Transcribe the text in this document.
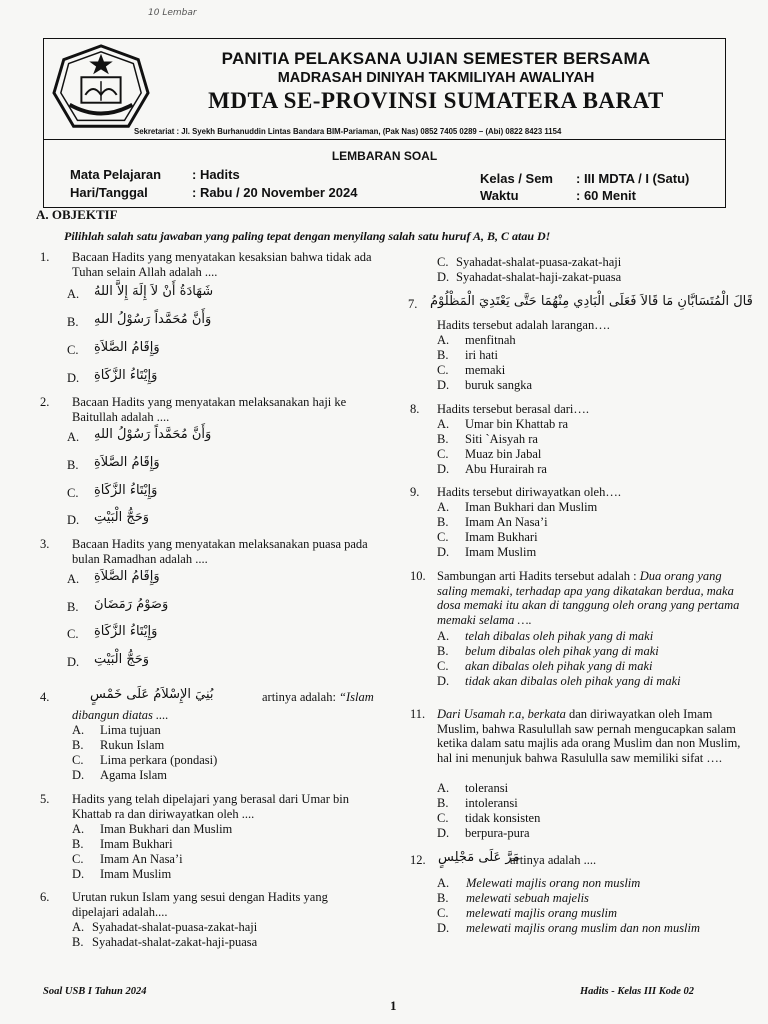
10 Lembar
PANITIA PELAKSANA UJIAN SEMESTER BERSAMA
MADRASAH DINIYAH TAKMILIYAH AWALIYAH
MDTA SE-PROVINSI SUMATERA BARAT
Sekretariat : Jl. Syekh Burhanuddin Lintas Bandara BIM-Pariaman, (Pak Nas) 0852 7405 0289 – (Abi) 0822 8423 1154
LEMBARAN SOAL
Mata Pelajaran : Hadits
Hari/Tanggal	: Rabu / 20 November 2024
Kelas / Sem : III MDTA / I (Satu)
Waktu	: 60 Menit
A. OBJEKTIF
Pilihlah salah satu jawaban yang paling tepat dengan menyilang salah satu huruf A, B, C atau D!
1. Bacaan Hadits yang menyatakan kesaksian bahwa tidak ada Tuhan selain Allah adalah ....
A. شَهَادَةُ أَنْ لاَ إِلَهَ إِلاَّ اللهُ
B. وَأَنَّ مُحَمَّداً رَسُوْلُ اللهِ
C. وَإِقَامُ الصَّلاَةِ
D. وَإِيْتَاءُ الزَّكَاةِ
2. Bacaan Hadits yang menyatakan melaksanakan haji ke Baitullah adalah ....
A. وَأَنَّ مُحَمَّداً رَسُوْلُ اللهِ
B. وَإِقَامُ الصَّلاَةِ
C. وَإِيْتَاءُ الزَّكَاةِ
D. وَحَجُّ الْبَيْتِ
3. Bacaan Hadits yang menyatakan melaksanakan puasa pada bulan Ramadhan adalah ....
A. وَإِقَامُ الصَّلاَةِ
B. وَصَوْمُ رَمَضَانَ
C. وَإِيْتَاءُ الزَّكَاةِ
D. وَحَجُّ الْبَيْتِ
4.	بُنِيَ الإِسْلاَمُ عَلَى خَمْسٍ	artinya adalah: “Islam
dibangun diatas ....
A. Lima tujuan
B. Rukun Islam
C. Lima perkara (pondasi)
D. Agama Islam
5. Hadits yang telah dipelajari yang berasal dari Umar bin Khattab ra dan diriwayatkan oleh ....
A. Iman Bukhari dan Muslim
B. Imam Bukhari
C. Imam An Nasa’i
D. Imam Muslim
6. Urutan rukun Islam yang sesui dengan Hadits yang dipelajari adalah....
A. Syahadat-shalat-puasa-zakat-haji
B. Syahadat-shalat-zakat-haji-puasa
C. Syahadat-shalat-puasa-zakat-haji
D. Syahadat-shalat-haji-zakat-puasa
7. قَالَ الْمُتَسَابَّانِ مَا قَالاَ فَعَلَى الْبَادِي مِنْهُمَا حَتَّى يَعْتَدِيَ الْمَظْلُوْمُ
Hadits tersebut adalah larangan….
A. menfitnah
B. iri hati
C. memaki
D. buruk sangka
8. Hadits tersebut berasal dari….
A. Umar bin Khattab ra
B. Siti `Aisyah ra
C. Muaz bin Jabal
D. Abu Hurairah ra
9. Hadits tersebut diriwayatkan oleh….
A. Iman Bukhari dan Muslim
B. Imam An Nasa’i
C. Imam Bukhari
D. Imam Muslim
10. Sambungan arti Hadits tersebut adalah : Dua orang yang saling memaki, terhadap apa yang dikatakan berdua, maka dosa memaki itu akan di tanggung oleh orang yang pertama memaki selama ….
A. telah dibalas oleh pihak yang di maki
B. belum dibalas oleh pihak yang di maki
C. akan dibalas oleh pihak yang di maki
D. tidak akan dibalas oleh pihak yang di maki
11. Dari Usamah r.a, berkata dan diriwayatkan oleh Imam Muslim, bahwa Rasulullah saw pernah mengucapkan salam ketika dalam satu majlis ada orang Muslim dan non Muslim, hal ini menunjuk bahwa Rasululla saw memiliki sifat ….
A. toleransi
B. intoleransi
C. tidak konsisten
D. berpura-pura
12. مَرَّ عَلَى مَجْلِسٍ
artinya adalah ....
A. Melewati majlis orang non muslim
B. melewati sebuah majelis
C. melewati majlis orang muslim
D. melewati majlis orang muslim dan non muslim
Soal USB I Tahun 2024	Hadits - Kelas III Kode 02
1
